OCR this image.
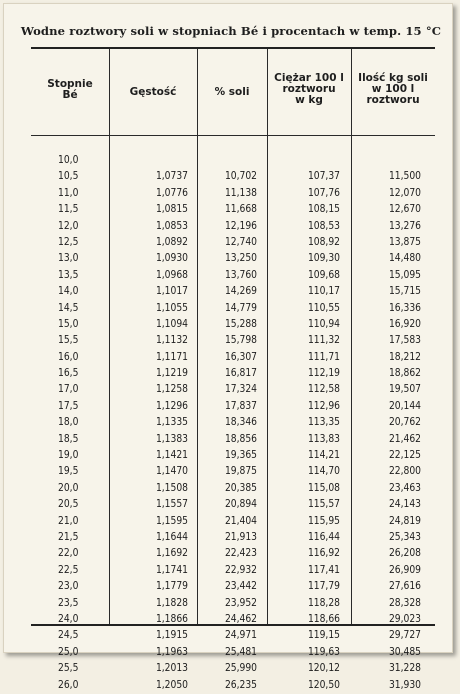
Wodne roztwory soli w stopniach Bé i procentach w temp. 15 °C
Stopnie
Bé	Gęstość	% soli
Ciężar 100 l
roztworu
w kg
Ilość kg soli
w 100 l
roztworu
10,0
10,5
11,0
11,5
12,0
12,5
13,0
13,5
14,0
14,5
15,0
15,5
16,0
16,5
17,0
17,5
18,0
18,5
19,0
19,5
20,0
20,5
21,0
21,5
22,0
22,5
23,0
23,5
24,0
24,5
25,0
25,5
26,0
1,0737
1,0776
1,0815
1,0853
1,0892
1,0930
1,0968
1,1017
1,1055
1,1094
1,1132
1,1171
1,1219
1,1258
1,1296
1,1335
1,1383
1,1421
1,1470
1,1508
1,1557
1,1595
1,1644
1,1692
1,1741
1,1779
1,1828
1,1866
1,1915
1,1963
1,2013
1,2050
10,702
11,138
11,668
12,196
12,740
13,250
13,760
14,269
14,779
15,288
15,798
16,307
16,817
17,324
17,837
18,346
18,856
19,365
19,875
20,385
20,894
21,404
21,913
22,423
22,932
23,442
23,952
24,462
24,971
25,481
25,990
26,235
107,37
107,76
108,15
108,53
108,92
109,30
109,68
110,17
110,55
110,94
111,32
111,71
112,19
112,58
112,96
113,35
113,83
114,21
114,70
115,08
115,57
115,95
116,44
116,92
117,41
117,79
118,28
118,66
119,15
119,63
120,12
120,50
11,500
12,070
12,670
13,276
13,875
14,480
15,095
15,715
16,336
16,920
17,583
18,212
18,862
19,507
20,144
20,762
21,462
22,125
22,800
23,463
24,143
24,819
25,343
26,208
26,909
27,616
28,328
29,023
29,727
30,485
31,228
31,930
